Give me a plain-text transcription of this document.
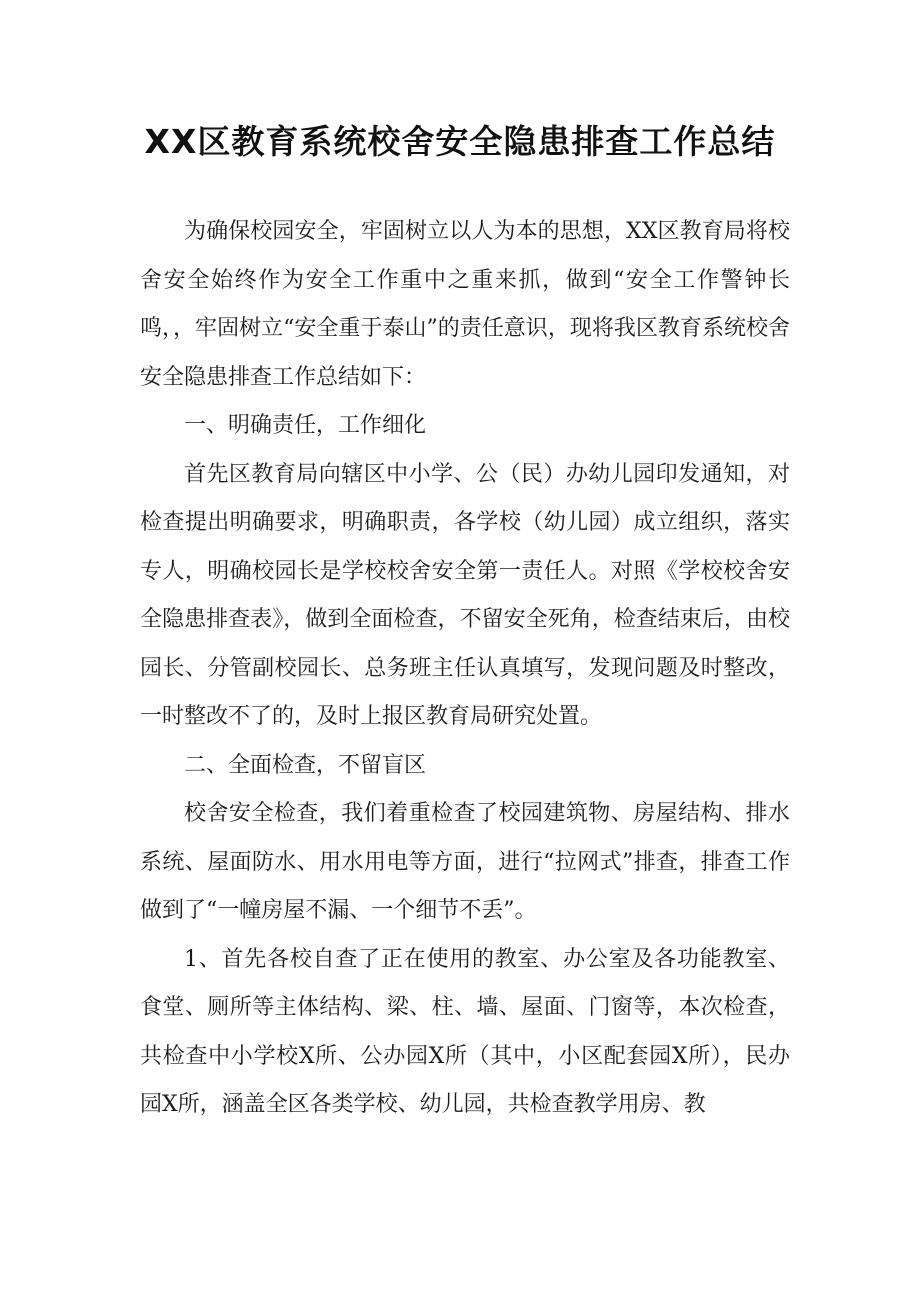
XX区教育系统校舍安全隐患排查工作总结

为确保校园安全，牢固树立以人为本的思想，XX区教育局将校舍安全始终作为安全工作重中之重来抓，做到“安全工作警钟长鸣，，牢固树立“安全重于泰山”的责任意识，现将我区教育系统校舍安全隐患排查工作总结如下：

一、明确责任，工作细化

首先区教育局向辖区中小学、公（民）办幼儿园印发通知，对检查提出明确要求，明确职责，各学校（幼儿园）成立组织，落实专人，明确校园长是学校校舍安全第一责任人。对照《学校校舍安全隐患排查表》，做到全面检查，不留安全死角，检查结束后，由校园长、分管副校园长、总务班主任认真填写，发现问题及时整改，一时整改不了的，及时上报区教育局研究处置。

二、全面检查，不留盲区

校舍安全检查，我们着重检查了校园建筑物、房屋结构、排水系统、屋面防水、用水用电等方面，进行“拉网式”排查，排查工作做到了“一幢房屋不漏、一个细节不丢”。

1、首先各校自查了正在使用的教室、办公室及各功能教室、食堂、厕所等主体结构、梁、柱、墙、屋面、门窗等，本次检查，共检查中小学校X所、公办园X所（其中，小区配套园X所），民办园X所，涵盖全区各类学校、幼儿园，共检查教学用房、教
